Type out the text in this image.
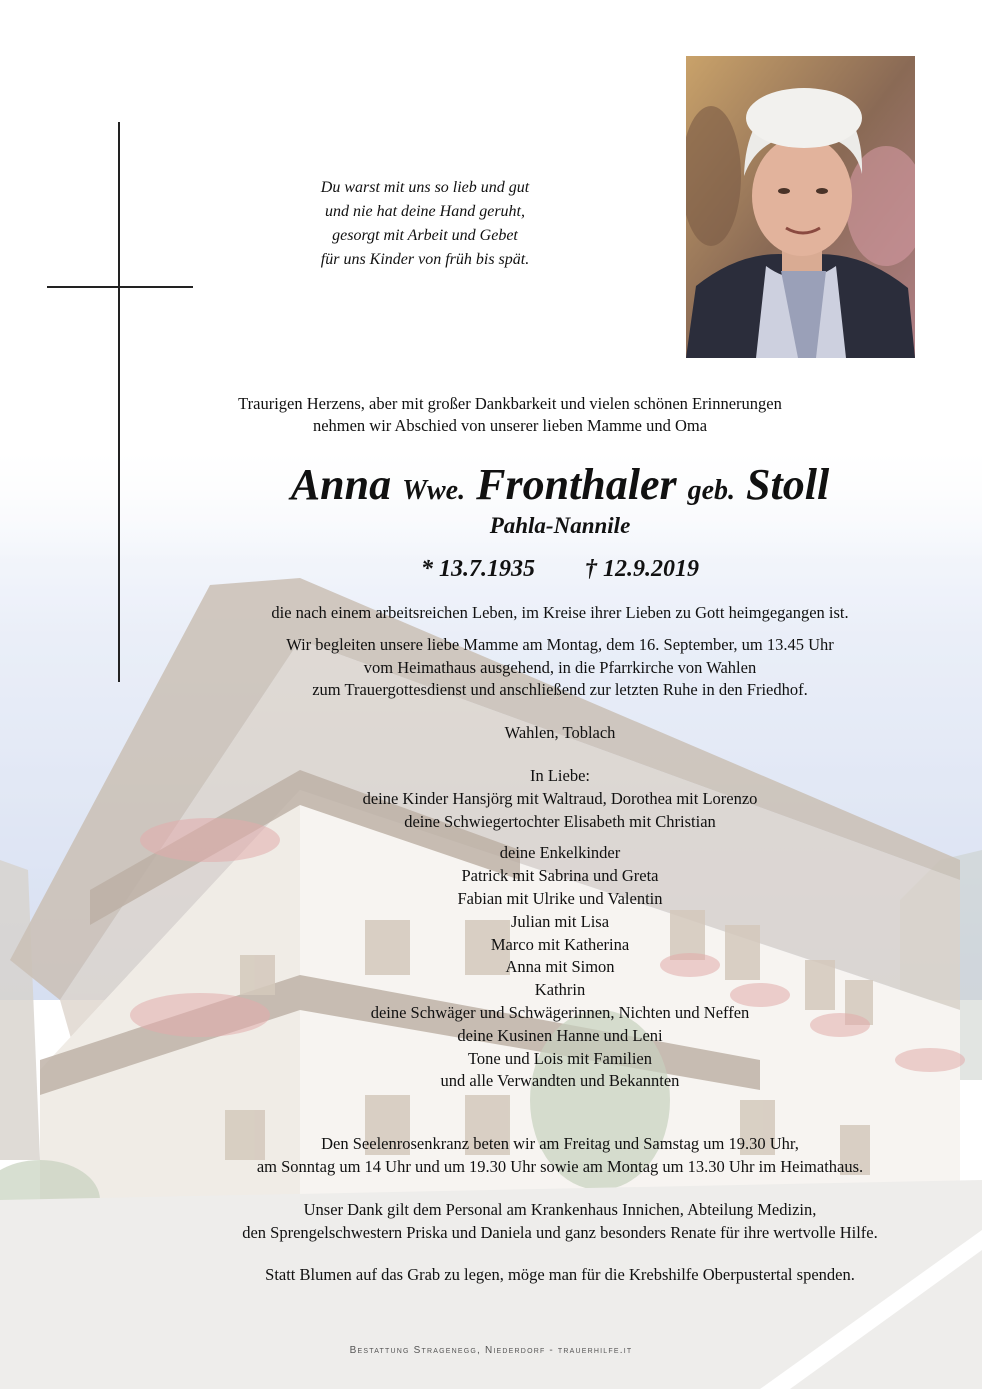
Du warst mit uns so lieb und gut
und nie hat deine Hand geruht,
gesorgt mit Arbeit und Gebet
für uns Kinder von früh bis spät.
Traurigen Herzens, aber mit großer Dankbarkeit und vielen schönen Erinnerungen
nehmen wir Abschied von unserer lieben Mamme und Oma
Anna Wwe. Fronthaler geb. Stoll
Pahla-Nannile
* 13.7.1935 † 12.9.2019
die nach einem arbeitsreichen Leben, im Kreise ihrer Lieben zu Gott heimgegangen ist.
Wir begleiten unsere liebe Mamme am Montag, dem 16. September, um 13.45 Uhr
vom Heimathaus ausgehend, in die Pfarrkirche von Wahlen
zum Trauergottesdienst und anschließend zur letzten Ruhe in den Friedhof.
Wahlen, Toblach
In Liebe:
deine Kinder Hansjörg mit Waltraud, Dorothea mit Lorenzo
deine Schwiegertochter Elisabeth mit Christian
deine Enkelkinder
Patrick mit Sabrina und Greta
Fabian mit Ulrike und Valentin
Julian mit Lisa
Marco mit Katherina
Anna mit Simon
Kathrin
deine Schwäger und Schwägerinnen, Nichten und Neffen
deine Kusinen Hanne und Leni
Tone und Lois mit Familien
und alle Verwandten und Bekannten
Den Seelenrosenkranz beten wir am Freitag und Samstag um 19.30 Uhr,
am Sonntag um 14 Uhr und um 19.30 Uhr sowie am Montag um 13.30 Uhr im Heimathaus.
Unser Dank gilt dem Personal am Krankenhaus Innichen, Abteilung Medizin,
den Sprengelschwestern Priska und Daniela und ganz besonders Renate für ihre wertvolle Hilfe.
Statt Blumen auf das Grab zu legen, möge man für die Krebshilfe Oberpustertal spenden.
Bestattung Stragenegg, Niederdorf - trauerhilfe.it
